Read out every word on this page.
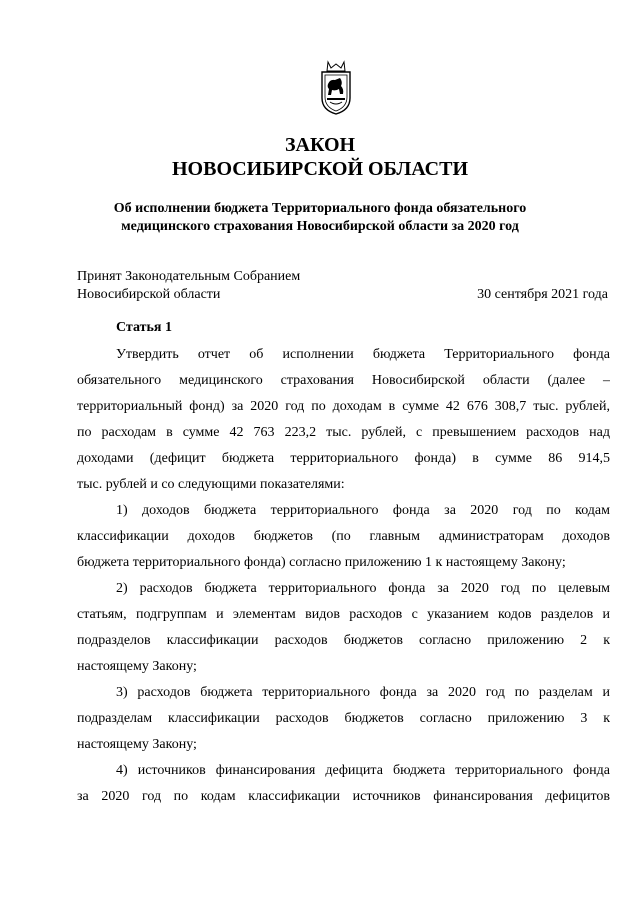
ЗАКОН
НОВОСИБИРСКОЙ ОБЛАСТИ
Об исполнении бюджета Территориального фонда обязательного
медицинского страхования Новосибирской области за 2020 год
Принят Законодательным Собранием
Новосибирской области	30 сентября 2021 года
Статья 1
Утвердить отчет об исполнении бюджета Территориального фонда
обязательного медицинского страхования Новосибирской области (далее –
территориальный фонд) за 2020 год по доходам в сумме 42 676 308,7 тыс. рублей,
по расходам в сумме 42 763 223,2 тыс. рублей, с превышением расходов над
доходами (дефицит бюджета территориального фонда) в сумме 86 914,5
тыс. рублей и со следующими показателями:
1) доходов бюджета территориального фонда за 2020 год по кодам
классификации доходов бюджетов (по главным администраторам доходов
бюджета территориального фонда) согласно приложению 1 к настоящему Закону;
2) расходов бюджета территориального фонда за 2020 год по целевым
статьям, подгруппам и элементам видов расходов с указанием кодов разделов и
подразделов классификации расходов бюджетов согласно приложению 2 к
настоящему Закону;
3) расходов бюджета территориального фонда за 2020 год по разделам и
подразделам классификации расходов бюджетов согласно приложению 3 к
настоящему Закону;
4) источников финансирования дефицита бюджета территориального фонда
за 2020 год по кодам классификации источников финансирования дефицитов
